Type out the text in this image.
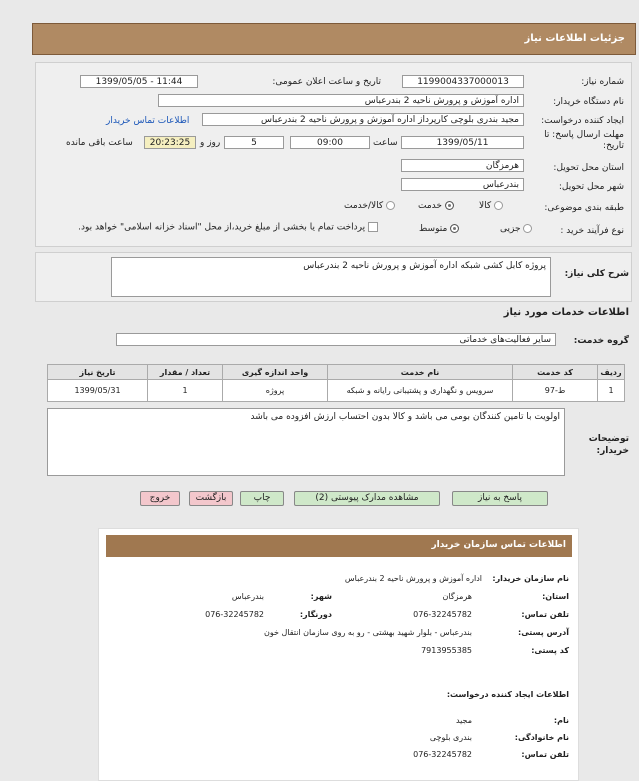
جزئیات اطلاعات نیاز
شماره نیاز:
1199004337000013
تاریخ و ساعت اعلان عمومی:
1399/05/05 - 11:44
نام دستگاه خریدار:
اداره آموزش و پرورش ناحیه 2 بندرعباس
ایجاد کننده درخواست:
مجید بندری بلوچی کارپرداز اداره آموزش و پرورش ناحیه 2 بندرعباس
اطلاعات تماس خریدار
مهلت ارسال پاسخ: تا تاریخ:
1399/05/11
ساعت
09:00
5
روز و
20:23:25
ساعت باقی مانده
استان محل تحویل:
هرمزگان
شهر محل تحویل:
بندرعباس
طبقه بندی موضوعی:
کالا
خدمت
کالا/خدمت
نوع فرآیند خرید :
جزیی
متوسط
پرداخت تمام یا بخشی از مبلغ خرید،از محل "اسناد خزانه اسلامی" خواهد بود.
شرح کلی نیاز:
پروژه کابل کشی شبکه اداره آموزش و پرورش ناحیه 2 بندرعباس
اطلاعات خدمات مورد نیاز
گروه خدمت:
سایر فعالیت‌های خدماتی
ردیف	کد خدمت	نام خدمت	واحد اندازه گیری	تعداد / مقدار	تاریخ نیاز
1	ط-97	سرویس و نگهداری و پشتیبانی رایانه و شبکه	پروژه	1	1399/05/31
توضیحات خریدار:
اولویت با تامین کنندگان بومی می باشد و کالا بدون احتساب ارزش افزوده می باشد
پاسخ به نیاز
مشاهده مدارک پیوستی (2)
چاپ
بازگشت
خروج
اطلاعات تماس سازمان خریدار
نام سازمان خریدار:
اداره آموزش و پرورش ناحیه 2 بندرعباس
استان:
هرمزگان
شهر:
بندرعباس
تلفن تماس:
076-32245782
دورنگار:
076-32245782
آدرس پستی:
بندرعباس - بلوار شهید بهشتی - رو به روی سازمان انتقال خون
کد پستی:
7913955385
اطلاعات ایجاد کننده درخواست:
نام:
مجید
نام خانوادگی:
بندری بلوچی
تلفن تماس:
076-32245782
